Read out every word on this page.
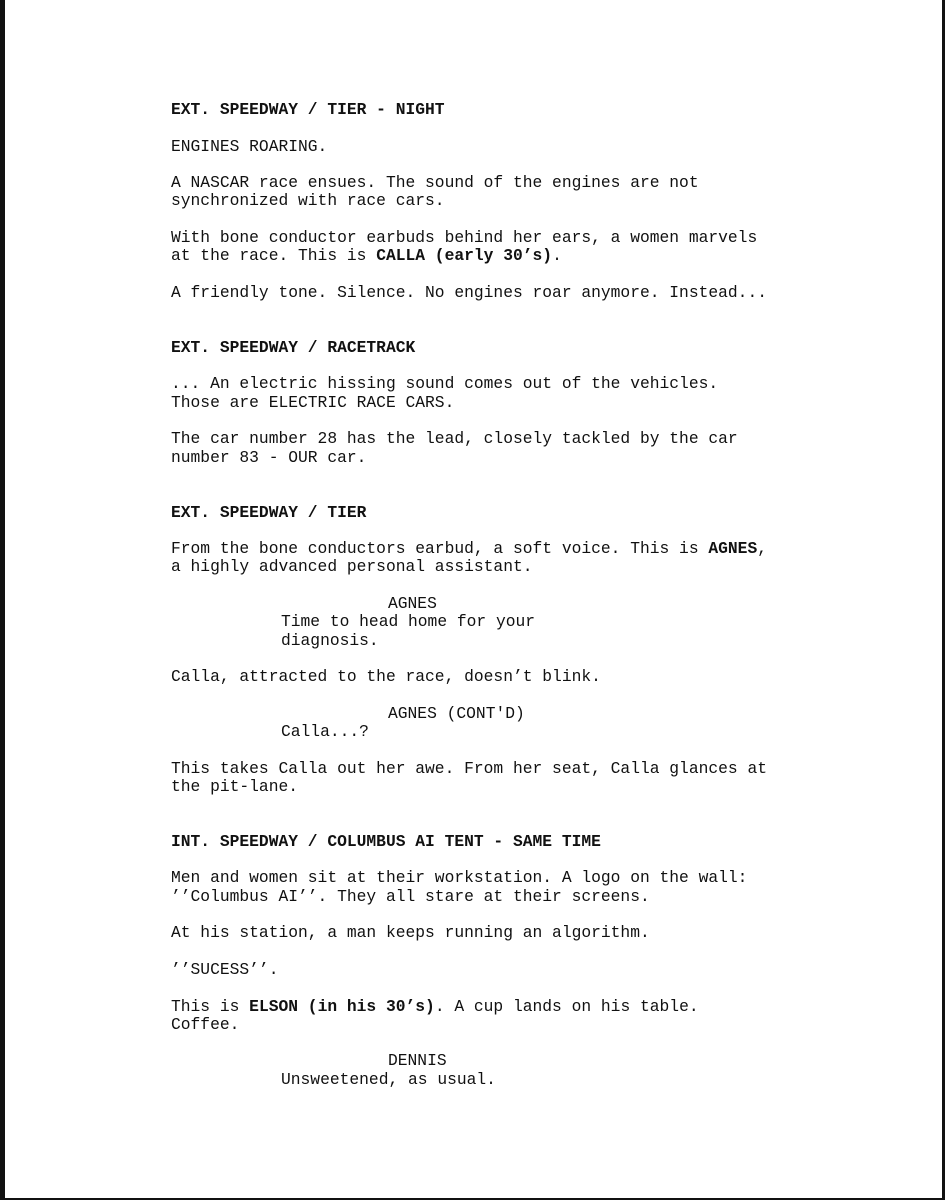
EXT. SPEEDWAY / TIER - NIGHT

ENGINES ROARING.

A NASCAR race ensues. The sound of the engines are not
synchronized with race cars.

With bone conductor earbuds behind her ears, a women marvels
at the race. This is CALLA (early 30’s).

A friendly tone. Silence. No engines roar anymore. Instead...

EXT. SPEEDWAY / RACETRACK

... An electric hissing sound comes out of the vehicles.
Those are ELECTRIC RACE CARS.

The car number 28 has the lead, closely tackled by the car
number 83 - OUR car.

EXT. SPEEDWAY / TIER

From the bone conductors earbud, a soft voice. This is AGNES,
a highly advanced personal assistant.

AGNES

Time to head home for your
diagnosis.

Calla, attracted to the race, doesn’t blink.

AGNES (CONT'D)

Calla...?

This takes Calla out her awe. From her seat, Calla glances at
the pit-lane.

INT. SPEEDWAY / COLUMBUS AI TENT - SAME TIME

Men and women sit at their workstation. A logo on the wall:
’’Columbus AI’’. They all stare at their screens.

At his station, a man keeps running an algorithm.

’’SUCESS’’.

This is ELSON (in his 30’s). A cup lands on his table.
Coffee.

DENNIS

Unsweetened, as usual.
